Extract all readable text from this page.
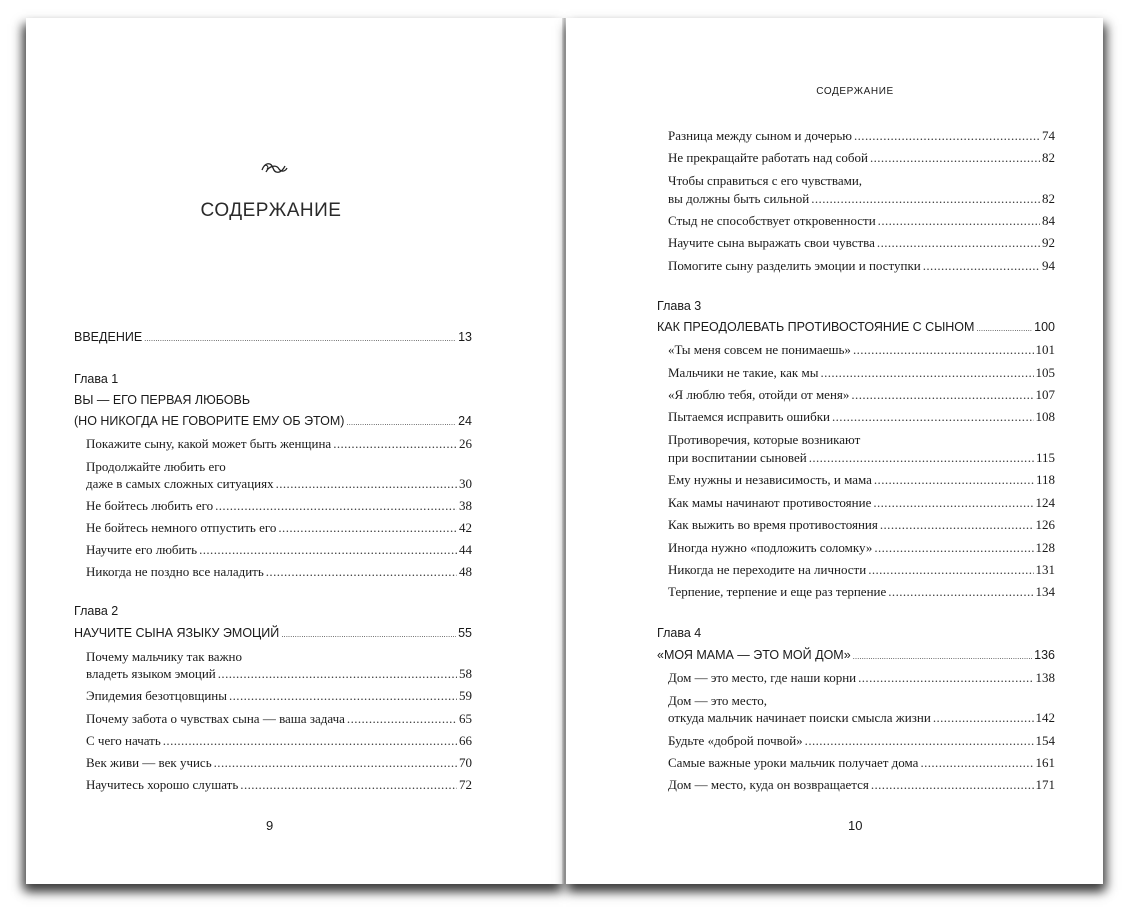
СОДЕРЖАНИЕ
ВВЕДЕНИЕ .....	13
Глава 1
ВЫ — ЕГО ПЕРВАЯ ЛЮБОВЬ
(НО НИКОГДА НЕ ГОВОРИТЕ ЕМУ ОБ ЭТОМ) .....	24
Покажите сыну, какой может быть женщина .....	26
Продолжайте любить его
даже в самых сложных ситуациях .....	30
Не бойтесь любить его .....	38
Не бойтесь немного отпустить его .....	42
Научите его любить .....	44
Никогда не поздно все наладить .....	48
Глава 2
НАУЧИТЕ СЫНА ЯЗЫКУ ЭМОЦИЙ .....	55
Почему мальчику так важно
владеть языком эмоций .....	58
Эпидемия безотцовщины .....	59
Почему забота о чувствах сына — ваша задача .....	65
С чего начать .....	66
Век живи — век учись .....	70
Научитесь хорошо слушать .....	72
9
СОДЕРЖАНИЕ
Разница между сыном и дочерью .....	74
Не прекращайте работать над собой .....	82
Чтобы справиться с его чувствами,
вы должны быть сильной .....	82
Стыд не способствует откровенности .....	84
Научите сына выражать свои чувства .....	92
Помогите сыну разделить эмоции и поступки .....	94
Глава 3
КАК ПРЕОДОЛЕВАТЬ ПРОТИВОСТОЯНИЕ С СЫНОМ .....	100
«Ты меня совсем не понимаешь» .....	101
Мальчики не такие, как мы .....	105
«Я люблю тебя, отойди от меня» .....	107
Пытаемся исправить ошибки .....	108
Противоречия, которые возникают
при воспитании сыновей .....	115
Ему нужны и независимость, и мама .....	118
Как мамы начинают противостояние .....	124
Как выжить во время противостояния .....	126
Иногда нужно «подложить соломку» .....	128
Никогда не переходите на личности .....	131
Терпение, терпение и еще раз терпение .....	134
Глава 4
«МОЯ МАМА — ЭТО МОЙ ДОМ» .....	136
Дом — это место, где наши корни .....	138
Дом — это место,
откуда мальчик начинает поиски смысла жизни .....	142
Будьте «доброй почвой» .....	154
Самые важные уроки мальчик получает дома .....	161
Дом — место, куда он возвращается .....	171
10
